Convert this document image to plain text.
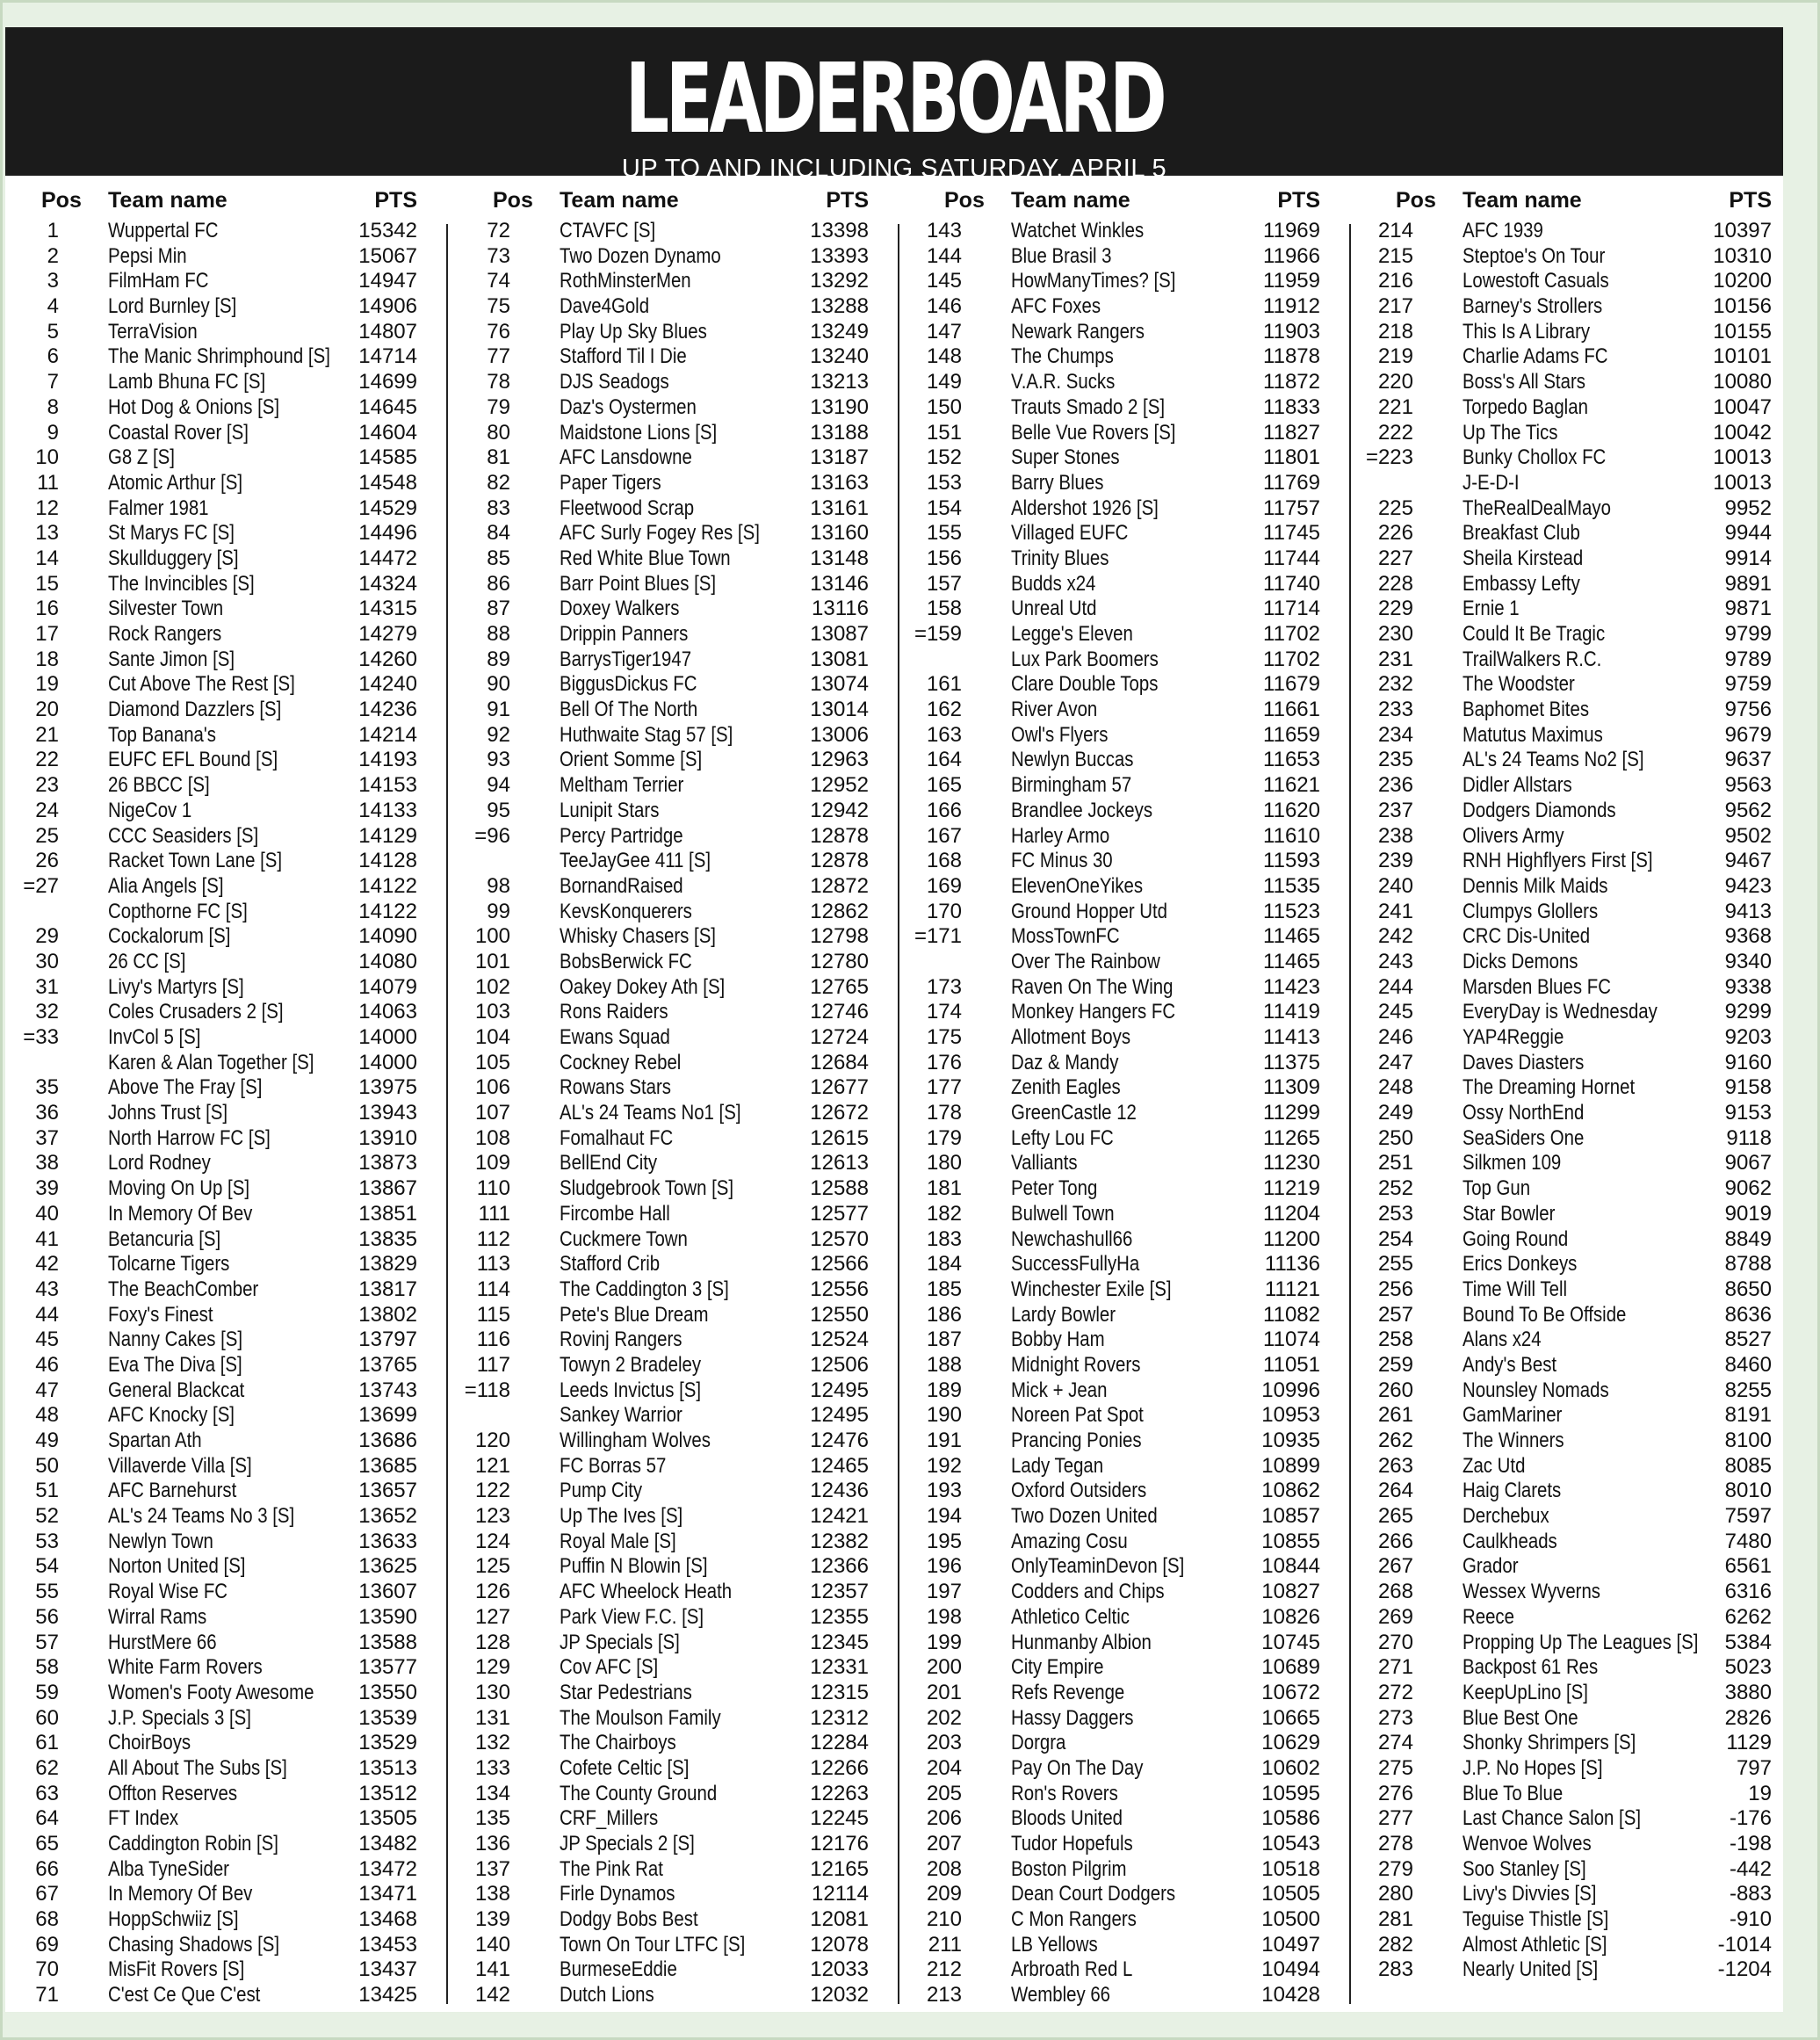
LEADERBOARD
UP TO AND INCLUDING SATURDAY, APRIL 5
Pos Team name	PTS
1 Wuppertal FC	15342
2 Pepsi Min	15067
3 FilmHam FC	14947
4 Lord Burnley [S]	14906
5 TerraVision	14807
6 The Manic Shrimphound [S] 14714
7 Lamb Bhuna FC [S]	14699
8 Hot Dog & Onions [S]	14645
9 Coastal Rover [S]	14604
10 G8 Z [S]	14585
11 Atomic Arthur [S]	14548
12 Falmer 1981	14529
13 St Marys FC [S]	14496
14 Skullduggery [S]	14472
15 The Invincibles [S]	14324
16 Silvester Town	14315
17 Rock Rangers	14279
18 Sante Jimon [S]	14260
19 Cut Above The Rest [S]	14240
20 Diamond Dazzlers [S]	14236
21 Top Banana's	14214
22 EUFC EFL Bound [S]	14193
23 26 BBCC [S]	14153
24 NigeCov 1	14133
25 CCC Seasiders [S]	14129
26 Racket Town Lane [S]	14128
=27 Alia Angels [S]	14122
Copthorne FC [S]	14122
29 Cockalorum [S]	14090
30 26 CC [S]	14080
31 Livy's Martyrs [S]	14079
32 Coles Crusaders 2 [S]	14063
=33 InvCol 5 [S]	14000
Karen & Alan Together [S] 14000
35 Above The Fray [S]	13975
36 Johns Trust [S]	13943
37 North Harrow FC [S]	13910
38 Lord Rodney	13873
39 Moving On Up [S]	13867
40 In Memory Of Bev	13851
41 Betancuria [S]	13835
42 Tolcarne Tigers	13829
43 The BeachComber	13817
44 Foxy's Finest	13802
45 Nanny Cakes [S]	13797
46 Eva The Diva [S]	13765
47 General Blackcat	13743
48 AFC Knocky [S]	13699
49 Spartan Ath	13686
50 Villaverde Villa [S]	13685
51 AFC Barnehurst	13657
52 AL's 24 Teams No 3 [S]	13652
53 Newlyn Town	13633
54 Norton United [S]	13625
55 Royal Wise FC	13607
56 Wirral Rams	13590
57 HurstMere 66	13588
58 White Farm Rovers	13577
59 Women's Footy Awesome 13550
60 J.P. Specials 3 [S]	13539
61 ChoirBoys	13529
62 All About The Subs [S]	13513
63 Offton Reserves	13512
64 FT Index	13505
65 Caddington Robin [S]	13482
66 Alba TyneSider	13472
67 In Memory Of Bev	13471
68 HoppSchwiiz [S]	13468
69 Chasing Shadows [S]	13453
70 MisFit Rovers [S]	13437
71 C'est Ce Que C'est	13425
Pos Team name	PTS
72 CTAVFC [S]	13398
73 Two Dozen Dynamo	13393
74 RothMinsterMen	13292
75 Dave4Gold	13288
76 Play Up Sky Blues	13249
77 Stafford Til I Die	13240
78 DJS Seadogs	13213
79 Daz's Oystermen	13190
80 Maidstone Lions [S]	13188
81 AFC Lansdowne	13187
82 Paper Tigers	13163
83 Fleetwood Scrap	13161
84 AFC Surly Fogey Res [S] 13160
85 Red White Blue Town	13148
86 Barr Point Blues [S]	13146
87 Doxey Walkers	13116
88 Drippin Panners	13087
89 BarrysTiger1947	13081
90 BiggusDickus FC	13074
91 Bell Of The North	13014
92 Huthwaite Stag 57 [S]	13006
93 Orient Somme [S]	12963
94 Meltham Terrier	12952
95 Lunipit Stars	12942
=96 Percy Partridge	12878
TeeJayGee 411 [S]	12878
98 BornandRaised	12872
99 KevsKonquerers	12862
100 Whisky Chasers [S]	12798
101 BobsBerwick FC	12780
102 Oakey Dokey Ath [S]	12765
103 Rons Raiders	12746
104 Ewans Squad	12724
105 Cockney Rebel	12684
106 Rowans Stars	12677
107 AL's 24 Teams No1 [S]	12672
108 Fomalhaut FC	12615
109 BellEnd City	12613
110 Sludgebrook Town [S]	12588
111 Fircombe Hall	12577
112 Cuckmere Town	12570
113 Stafford Crib	12566
114 The Caddington 3 [S]	12556
115 Pete's Blue Dream	12550
116 Rovinj Rangers	12524
117 Towyn 2 Bradeley	12506
=118 Leeds Invictus [S]	12495
Sankey Warrior	12495
120 Willingham Wolves	12476
121 FC Borras 57	12465
122 Pump City	12436
123 Up The Ives [S]	12421
124 Royal Male [S]	12382
125 Puffin N Blowin [S]	12366
126 AFC Wheelock Heath	12357
127 Park View F.C. [S]	12355
128 JP Specials [S]	12345
129 Cov AFC [S]	12331
130 Star Pedestrians	12315
131 The Moulson Family	12312
132 The Chairboys	12284
133 Cofete Celtic [S]	12266
134 The County Ground	12263
135 CRF_Millers	12245
136 JP Specials 2 [S]	12176
137 The Pink Rat	12165
138 Firle Dynamos	12114
139 Dodgy Bobs Best	12081
140 Town On Tour LTFC [S]	12078
141 BurmeseEddie	12033
142 Dutch Lions	12032
Pos Team name	PTS
143 Watchet Winkles	11969
144 Blue Brasil 3	11966
145 HowManyTimes? [S]	11959
146 AFC Foxes	11912
147 Newark Rangers	11903
148 The Chumps	11878
149 V.A.R. Sucks	11872
150 Trauts Smado 2 [S]	11833
151 Belle Vue Rovers [S]	11827
152 Super Stones	11801
153 Barry Blues	11769
154 Aldershot 1926 [S]	11757
155 Villaged EUFC	11745
156 Trinity Blues	11744
157 Budds x24	11740
158 Unreal Utd	11714
=159 Legge's Eleven	11702
Lux Park Boomers	11702
161 Clare Double Tops	11679
162 River Avon	11661
163 Owl's Flyers	11659
164 Newlyn Buccas	11653
165 Birmingham 57	11621
166 Brandlee Jockeys	11620
167 Harley Armo	11610
168 FC Minus 30	11593
169 ElevenOneYikes	11535
170 Ground Hopper Utd	11523
=171 MossTownFC	11465
Over The Rainbow	11465
173 Raven On The Wing	11423
174 Monkey Hangers FC	11419
175 Allotment Boys	11413
176 Daz & Mandy	11375
177 Zenith Eagles	11309
178 GreenCastle 12	11299
179 Lefty Lou FC	11265
180 Valliants	11230
181 Peter Tong	11219
182 Bulwell Town	11204
183 Newchashull66	11200
184 SuccessFullyHa	11136
185 Winchester Exile [S]	11121
186 Lardy Bowler	11082
187 Bobby Ham	11074
188 Midnight Rovers	11051
189 Mick + Jean	10996
190 Noreen Pat Spot	10953
191 Prancing Ponies	10935
192 Lady Tegan	10899
193 Oxford Outsiders	10862
194 Two Dozen United	10857
195 Amazing Cosu	10855
196 OnlyTeaminDevon [S]	10844
197 Codders and Chips	10827
198 Athletico Celtic	10826
199 Hunmanby Albion	10745
200 City Empire	10689
201 Refs Revenge	10672
202 Hassy Daggers	10665
203 Dorgra	10629
204 Pay On The Day	10602
205 Ron's Rovers	10595
206 Bloods United	10586
207 Tudor Hopefuls	10543
208 Boston Pilgrim	10518
209 Dean Court Dodgers	10505
210 C Mon Rangers	10500
211 LB Yellows	10497
212 Arbroath Red L	10494
213 Wembley 66	10428
Pos Team name	PTS
214 AFC 1939	10397
215 Steptoe's On Tour	10310
216 Lowestoft Casuals	10200
217 Barney's Strollers	10156
218 This Is A Library	10155
219 Charlie Adams FC	10101
220 Boss's All Stars	10080
221 Torpedo Baglan	10047
222 Up The Tics	10042
=223 Bunky Chollox FC	10013
J-E-D-I	10013
225 TheRealDealMayo	9952
226 Breakfast Club	9944
227 Sheila Kirstead	9914
228 Embassy Lefty	9891
229 Ernie 1	9871
230 Could It Be Tragic	9799
231 TrailWalkers R.C.	9789
232 The Woodster	9759
233 Baphomet Bites	9756
234 Matutus Maximus	9679
235 AL's 24 Teams No2 [S]	9637
236 Didler Allstars	9563
237 Dodgers Diamonds	9562
238 Olivers Army	9502
239 RNH Highflyers First [S]	9467
240 Dennis Milk Maids	9423
241 Clumpys Glollers	9413
242 CRC Dis-United	9368
243 Dicks Demons	9340
244 Marsden Blues FC	9338
245 EveryDay is Wednesday	9299
246 YAP4Reggie	9203
247 Daves Diasters	9160
248 The Dreaming Hornet	9158
249 Ossy NorthEnd	9153
250 SeaSiders One	9118
251 Silkmen 109	9067
252 Top Gun	9062
253 Star Bowler	9019
254 Going Round	8849
255 Erics Donkeys	8788
256 Time Will Tell	8650
257 Bound To Be Offside	8636
258 Alans x24	8527
259 Andy's Best	8460
260 Nounsley Nomads	8255
261 GamMariner	8191
262 The Winners	8100
263 Zac Utd	8085
264 Haig Clarets	8010
265 Derchebux	7597
266 Caulkheads	7480
267 Grador	6561
268 Wessex Wyverns	6316
269 Reece	6262
270 Propping Up The Leagues [S] 5384
271 Backpost 61 Res	5023
272 KeepUpLino [S]	3880
273 Blue Best One	2826
274 Shonky Shrimpers [S]	1129
275 J.P. No Hopes [S]	797
276 Blue To Blue	19
277 Last Chance Salon [S]	-176
278 Wenvoe Wolves	-198
279 Soo Stanley [S]	-442
280 Livy's Divvies [S]	-883
281 Teguise Thistle [S]	-910
282 Almost Athletic [S]	-1014
283 Nearly United [S]	-1204
